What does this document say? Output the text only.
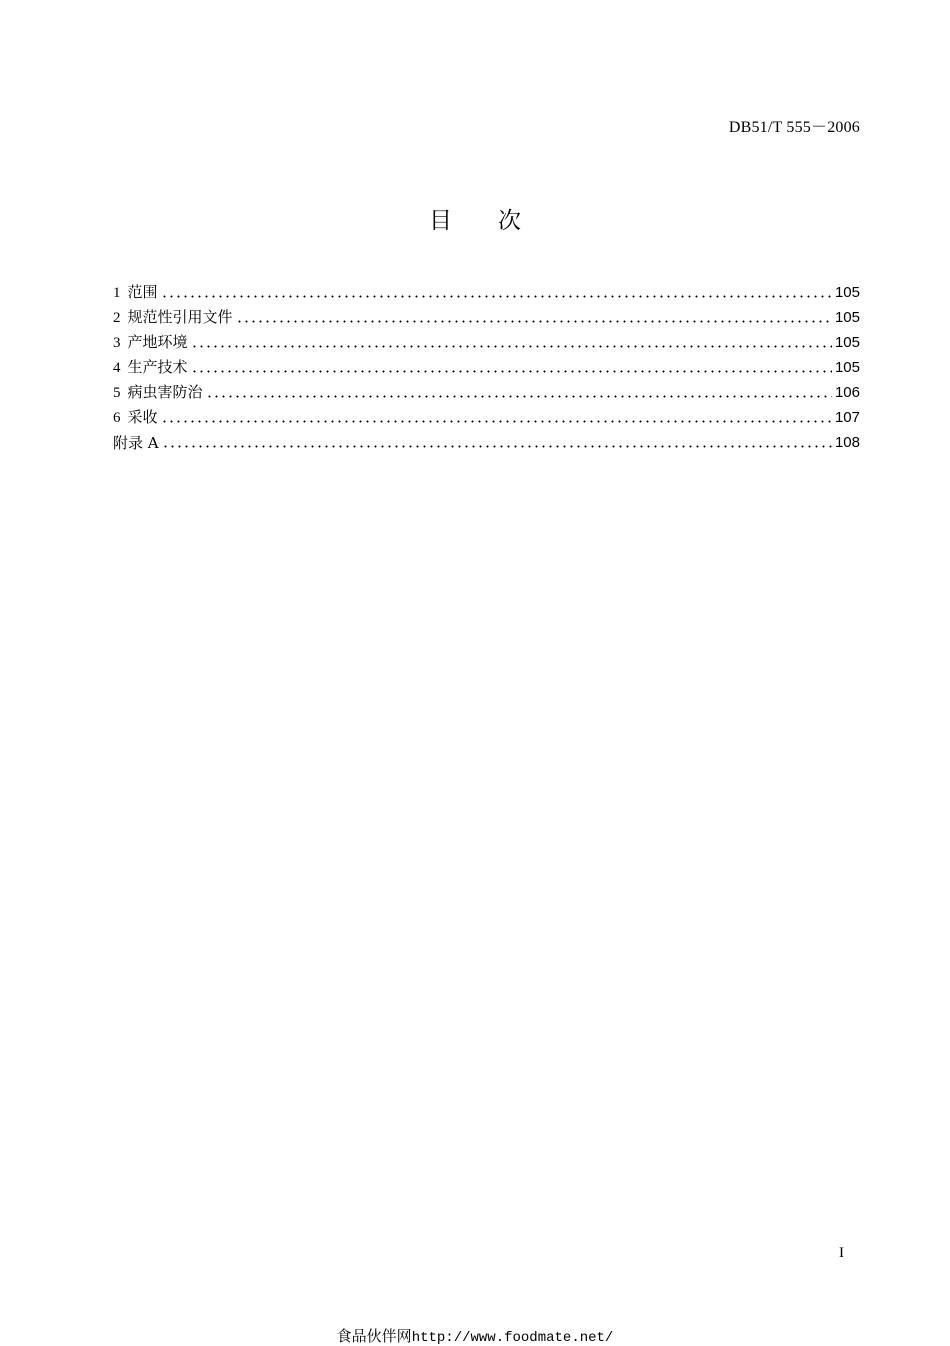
DB51/T 555－2006
目　　次
1 范围	105
2 规范性引用文件	105
3 产地环境	105
4 生产技术	105
5 病虫害防治	106
6 采收	107
附录 A	108
I
食品伙伴网http://www.foodmate.net/
